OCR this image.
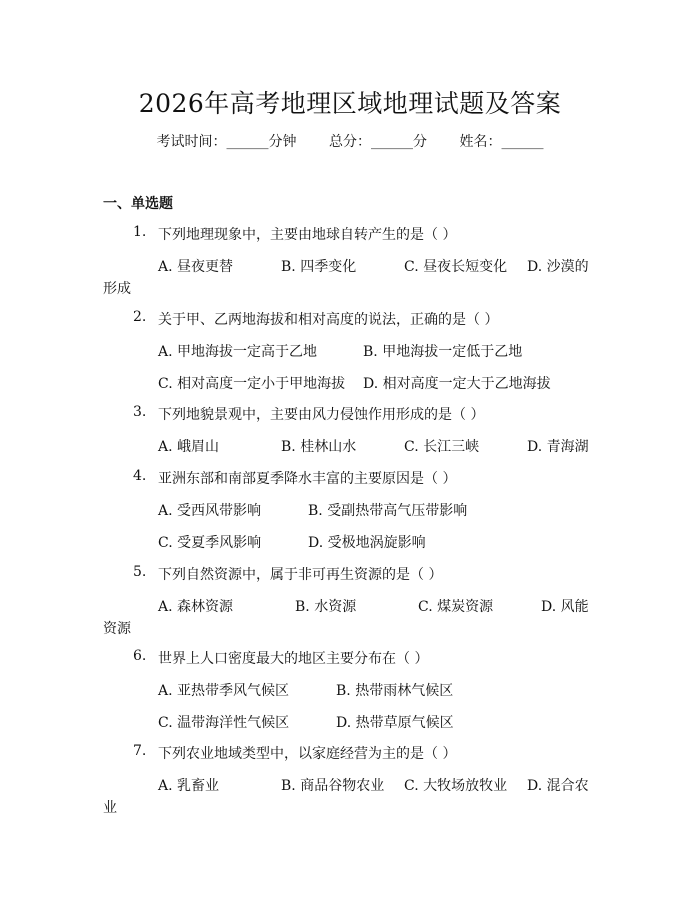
2026年高考地理区域地理试题及答案
考试时间：______分钟 总分：______分 姓名：______
一、单选题
1. 下列地理现象中，主要由地球自转产生的是（ ）
A. 昼夜更替	B. 四季变化	C. 昼夜长短变化 D. 沙漠的
形成
2. 关于甲、乙两地海拔和相对高度的说法，正确的是（ ）
A. 甲地海拔一定高于乙地	B. 甲地海拔一定低于乙地
C. 相对高度一定小于甲地海拔 D. 相对高度一定大于乙地海拔
3. 下列地貌景观中，主要由风力侵蚀作用形成的是（ ）
A. 峨眉山	B. 桂林山水	C. 长江三峡	D. 青海湖
4. 亚洲东部和南部夏季降水丰富的主要原因是（ ）
A. 受西风带影响	B. 受副热带高气压带影响
C. 受夏季风影响	D. 受极地涡旋影响
5. 下列自然资源中，属于非可再生资源的是（ ）
A. 森林资源	B. 水资源	C. 煤炭资源	D. 风能
资源
6. 世界上人口密度最大的地区主要分布在（ ）
A. 亚热带季风气候区	B. 热带雨林气候区
C. 温带海洋性气候区	D. 热带草原气候区
7. 下列农业地域类型中，以家庭经营为主的是（ ）
A. 乳畜业	B. 商品谷物农业 C. 大牧场放牧业 D. 混合农
业
